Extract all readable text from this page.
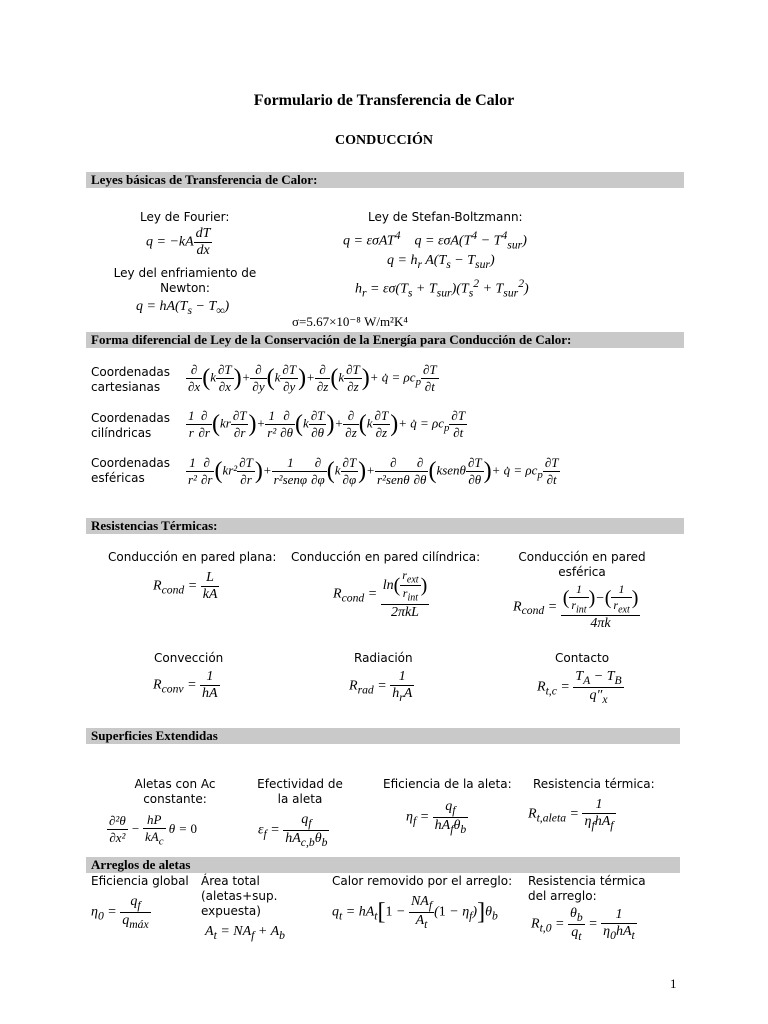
Formulario de Transferencia de Calor
CONDUCCIÓN
Leyes básicas de Transferencia de Calor:
Ley de Fourier:
$q = -kA \frac{dT}{dx}$
Ley del enfriamiento de Newton:
$q = hA(T_s - T_\infty)$
Ley de Stefan-Boltzmann:
q = εσAT$^4$    $q = \varepsilon\sigma A(T^4 - T^4_{sur})$
$q = h_r$ $A(T_s - T_{sur})$
$h_r = \varepsilon\sigma(T_s + T_{sur})(T_s^2 + T_{sur}^2)$
σ=5.67×10⁻⁸ W/m²K⁴
Forma diferencial de Ley de la Conservación de la Energía para Conducción de Calor:
Coordenadas cartesianas	$\frac{\partial}{\partial x} (k \frac{\partial T}{\partial x}$ )+ $\frac{\partial}{\partial y} (k \frac{\partial T}{\partial y}$ )+ $\frac{\partial}{\partial z} (k \frac{\partial T}{\partial z}$ )+ q̇ = $\rho c_p \frac{\partial T}{\partial t}$
Coordenadas cilíndricas	$\frac{1}{r} \frac{\partial}{\partial r} (kr \frac{\partial T}{\partial r}$ )+ $\frac{1}{\text{r²}} \frac{\partial}{\partial\theta} (k \frac{\partial T}{\partial\theta}$ )+ $\frac{\partial}{\partial z} (k \frac{\partial T}{\partial z}$ )+ q̇ = $\rho c_p \frac{\partial T}{\partial t}$
Coordenadas esféricas	$\frac{1}{\text{r²}} \frac{\partial}{\partial r} (kr^2 \frac{\partial T}{\partial r}$ )+ $\frac{1}{\text{r²senφ}} \frac{\partial}{\partial\varphi} (k \frac{\partial T}{\partial\varphi}$ )+ $\frac{\partial}{\text{r²senθ}} \frac{\partial}{\partial\theta}$ (ksenθ $\frac{\partial T}{\partial\theta}$ )+ q̇ = $\rho c_p \frac{\partial T}{\partial t}$
Resistencias Térmicas:
Conducción en pared plana:
$R_{cond} = \frac{L}{kA}$
Conducción en pared cilíndrica:
$R_{cond} = \frac{\ln( \frac{r_{ext}}{r_{int}} )}{\text{2πkL}}$
Conducción en pared esférica
$R_{cond} = \frac{( \frac{1}{r_{int}} )-( \frac{1}{r_{ext}} )}{4\pi k}$
Convección
$R_{conv} = \frac{1}{hA}$
Radiación
$R_{rad} = \frac{1}{h_rA}$
Contacto
$R_{t,c} = \frac{T_A - T_B}{q''_x}$
Superficies Extendidas
Aletas con Ac constante:
$\frac{\text{∂²θ}}{\text{∂x²}} - \frac{hP}{kA_c}$ θ = 0
Efectividad de la aleta
$\varepsilon_f = \frac{q_f}{hA_{c,b}\theta_b}$
Eficiencia de la aleta:
$\eta_f = \frac{q_f}{hA_f\theta_b}$
Resistencia térmica:
$R_{t,aleta} = \frac{1}{\eta_fhA_f}$
Arreglos de aletas
Eficiencia global
$\eta_0 = \frac{q_f}{q_{máx}}$
Área total (aletas+sup. expuesta)
$A_t = NA_f + A_b$
Calor removido por el arreglo:
$q_t = hA_t[1 - \frac{NA_f}{A_t} (1 - \eta_f)]\theta_b$
Resistencia térmica del arreglo:
$R_{t,0} = \frac{\theta_b}{q_t} = \frac{1}{\eta_0hA_t}$
1
